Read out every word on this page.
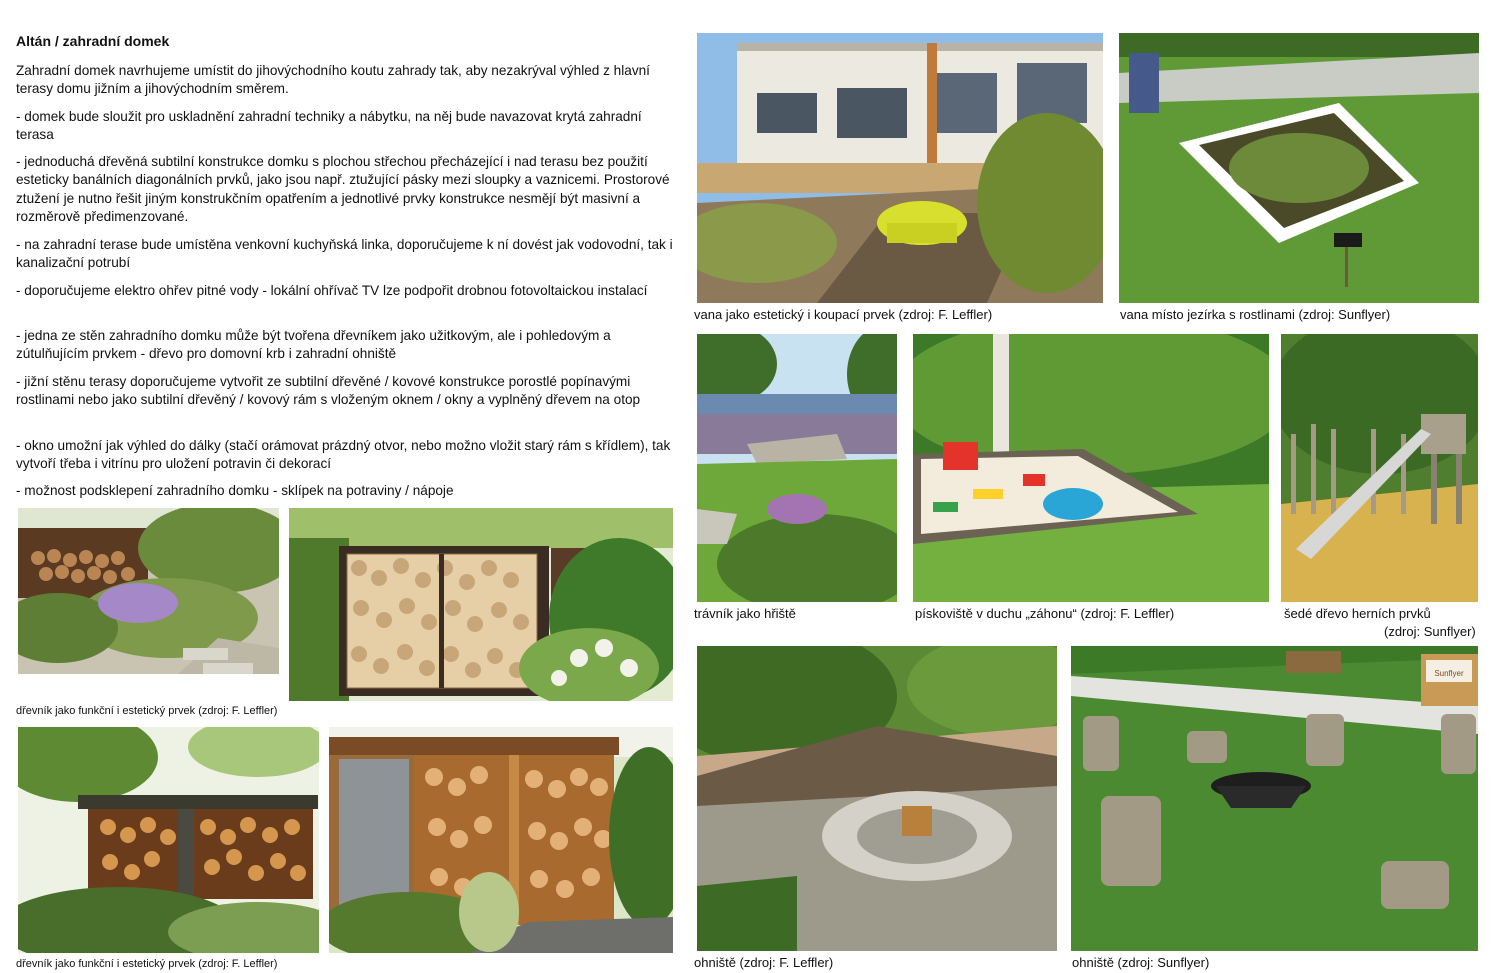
Altán / zahradní domek

Zahradní domek navrhujeme umístit do jihovýchodního koutu zahrady tak, aby nezakrýval výhled z hlavní terasy domu jižním a jihovýchodním směrem.

- domek bude sloužit pro uskladnění zahradní techniky a nábytku, na něj bude navazovat krytá zahradní terasa

- jednoduchá dřevěná subtilní konstrukce domku s plochou střechou přecházející i nad terasu bez použití esteticky banálních diagonálních prvků, jako jsou např. ztužující pásky mezi sloupky a vaznicemi. Prostorové ztužení je nutno řešit jiným konstrukčním opatřením a jednotlivé prvky konstrukce nesmějí být masivní a rozměrově předimenzované.

- na zahradní terase bude umístěna venkovní kuchyňská linka, doporučujeme k ní dovést jak vodovodní, tak i kanalizační potrubí

- doporučujeme elektro ohřev pitné vody - lokální ohřívač TV lze podpořit drobnou fotovoltaickou instalací

- jedna ze stěn zahradního domku může být tvořena dřevníkem jako užitkovým, ale i pohledovým a zútulňujícím prvkem - dřevo pro domovní krb i zahradní ohniště

- jižní stěnu terasy doporučujeme vytvořit ze subtilní dřevěné / kovové konstrukce porostlé popínavými rostlinami nebo jako subtilní dřevěný / kovový rám s vloženým oknem / okny a vyplněný dřevem na otop

- okno umožní jak výhled do dálky (stačí orámovat prázdný otvor, nebo možno vložit starý rám s křídlem), tak vytvoří třeba i vitrínu pro uložení potravin či dekorací

- možnost podsklepení zahradního domku - sklípek na potraviny / nápoje

dřevník jako funkční i estetický prvek (zdroj: F. Leffler)
dřevník jako funkční i estetický prvek (zdroj: F. Leffler)
vana jako estetický i koupací prvek (zdroj: F. Leffler)	vana místo jezírka s rostlinami (zdroj: Sunflyer)
trávník jako hřiště	pískoviště v duchu „záhonu“ (zdroj: F. Leffler)	šedé dřevo herních prvků
(zdroj: Sunflyer)
Sunflyer
ohniště (zdroj: F. Leffler)	ohniště (zdroj: Sunflyer)
